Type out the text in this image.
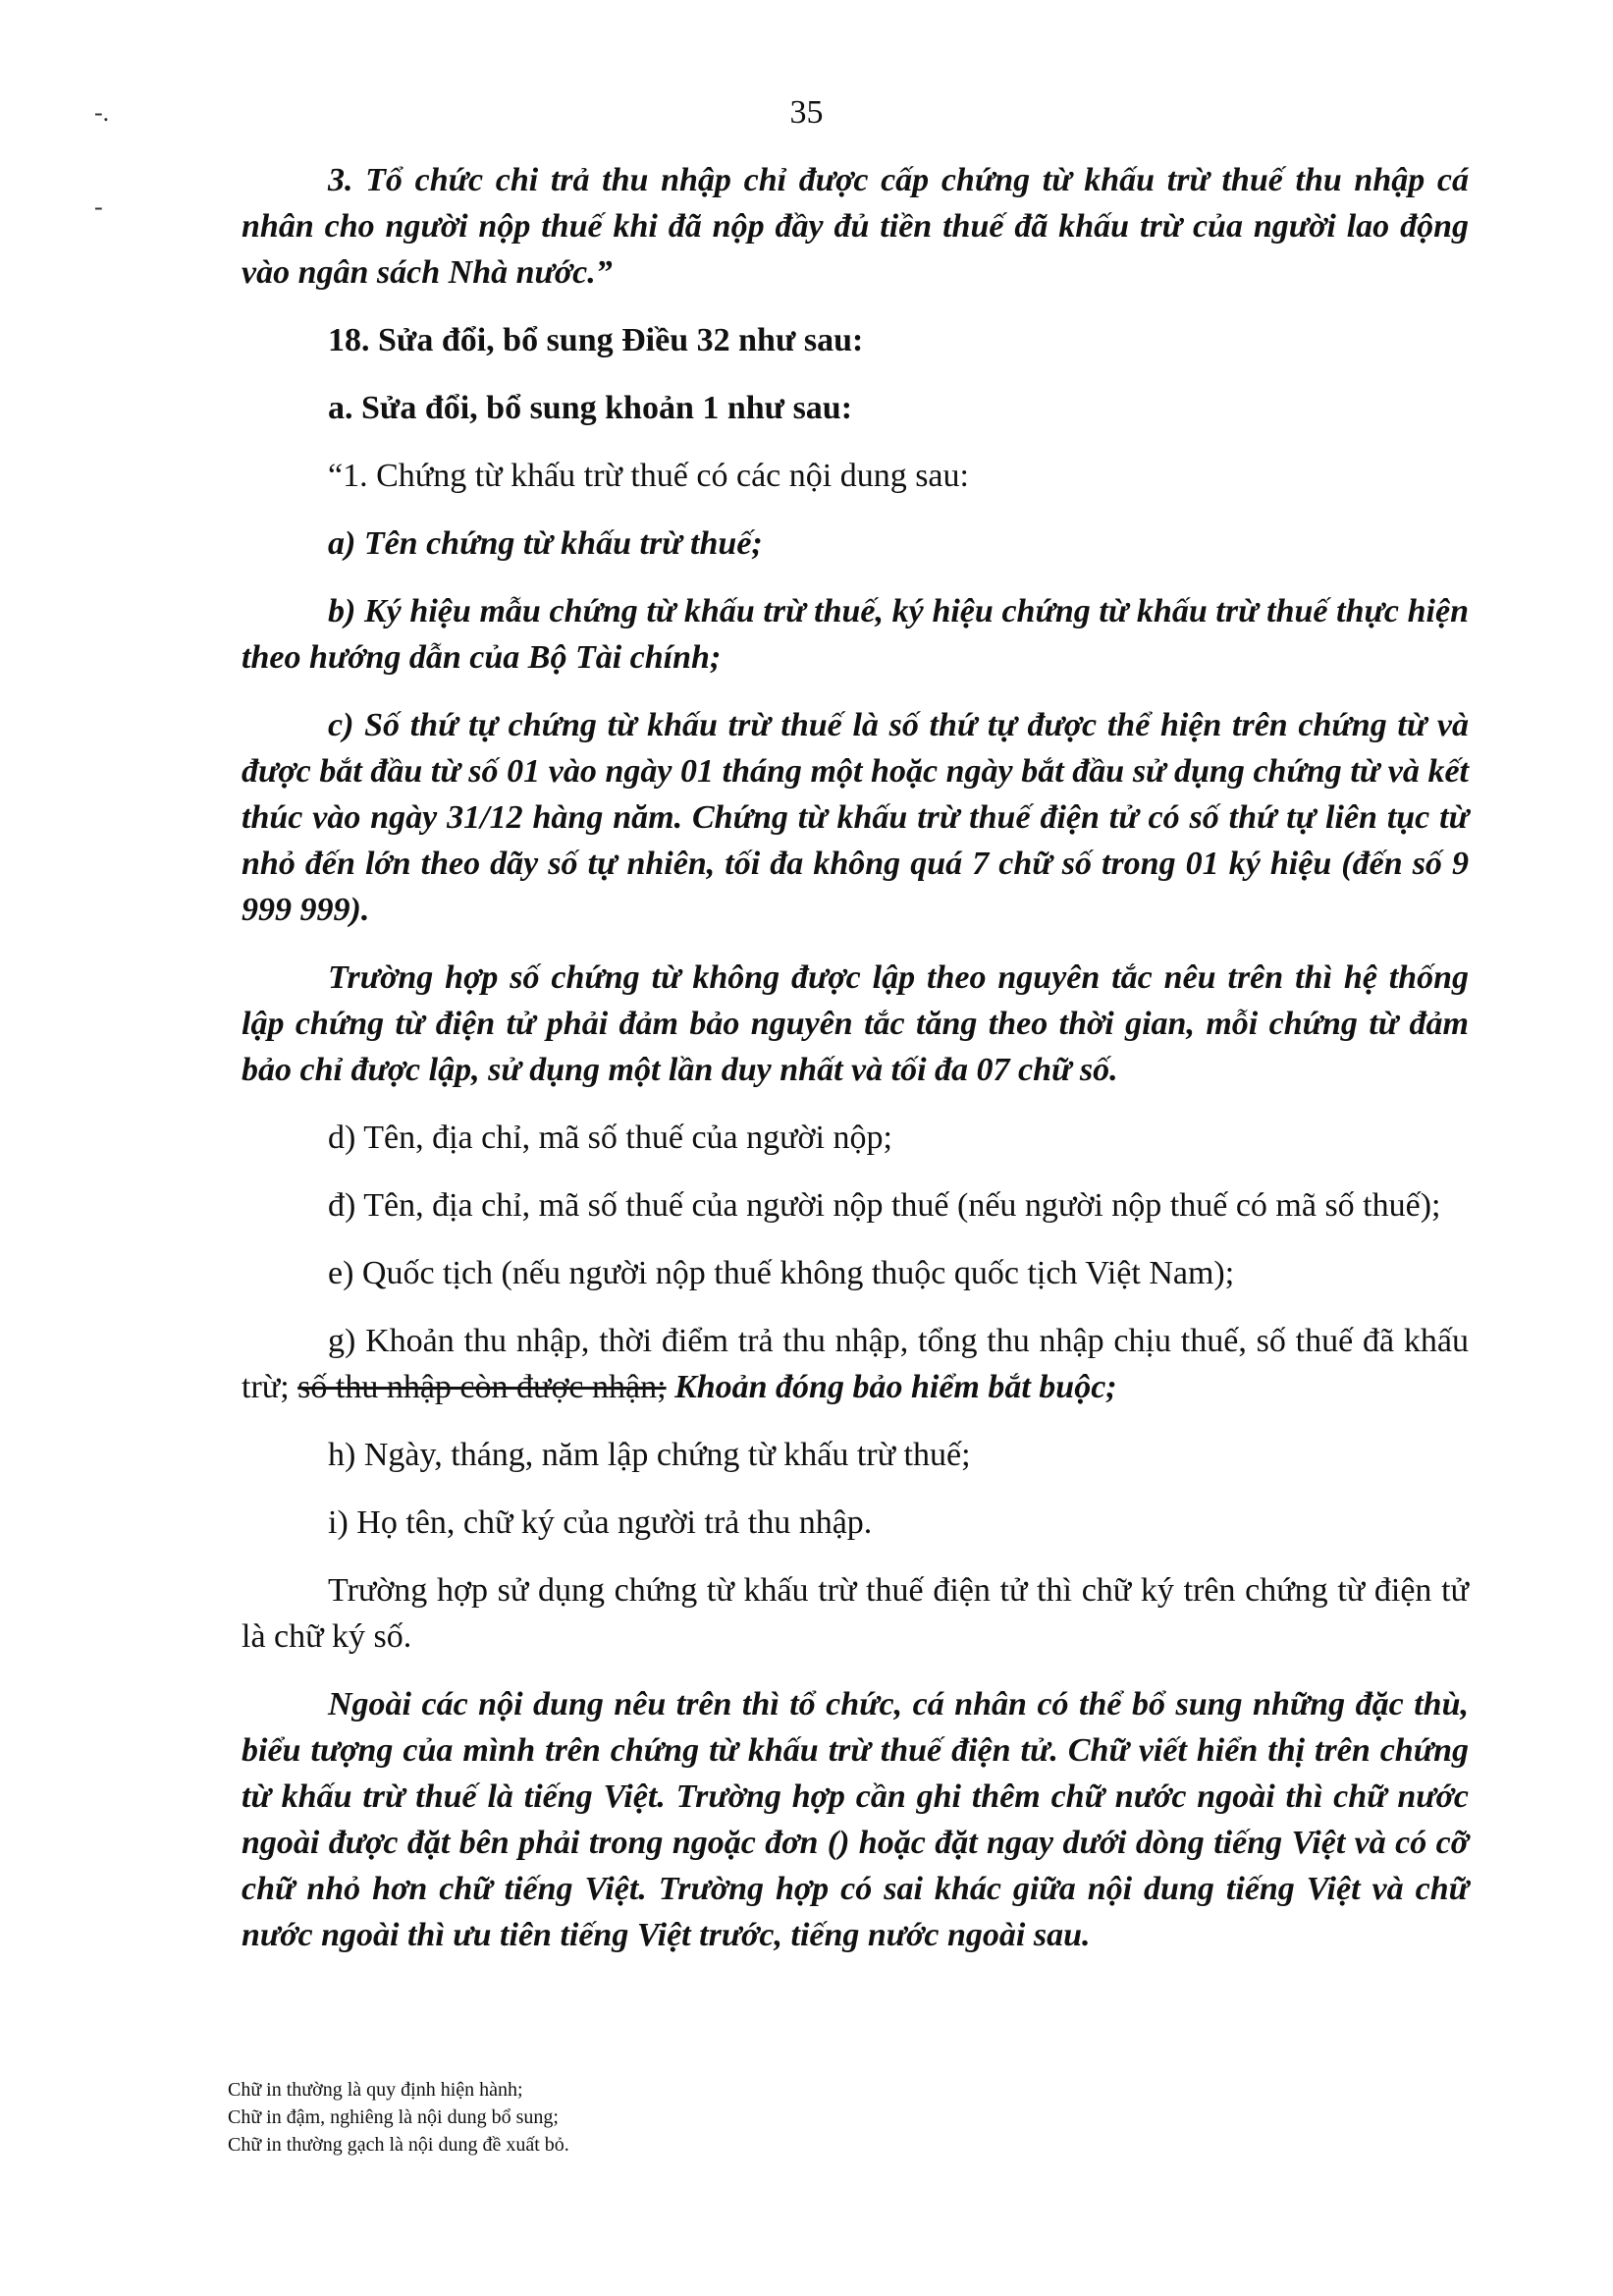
-.
-
35

3. Tổ chức chi trả thu nhập chỉ được cấp chứng từ khấu trừ thuế thu nhập cá nhân cho người nộp thuế khi đã nộp đầy đủ tiền thuế đã khấu trừ của người lao động vào ngân sách Nhà nước.”

18. Sửa đổi, bổ sung Điều 32 như sau:

a. Sửa đổi, bổ sung khoản 1 như sau:

“1. Chứng từ khấu trừ thuế có các nội dung sau:

a) Tên chứng từ khấu trừ thuế;

b) Ký hiệu mẫu chứng từ khấu trừ thuế, ký hiệu chứng từ khấu trừ thuế thực hiện theo hướng dẫn của Bộ Tài chính;

c) Số thứ tự chứng từ khấu trừ thuế là số thứ tự được thể hiện trên chứng từ và được bắt đầu từ số 01 vào ngày 01 tháng một hoặc ngày bắt đầu sử dụng chứng từ và kết thúc vào ngày 31/12 hàng năm. Chứng từ khấu trừ thuế điện tử có số thứ tự liên tục từ nhỏ đến lớn theo dãy số tự nhiên, tối đa không quá 7 chữ số trong 01 ký hiệu (đến số 9 999 999).

Trường hợp số chứng từ không được lập theo nguyên tắc nêu trên thì hệ thống lập chứng từ điện tử phải đảm bảo nguyên tắc tăng theo thời gian, mỗi chứng từ đảm bảo chỉ được lập, sử dụng một lần duy nhất và tối đa 07 chữ số.

d) Tên, địa chỉ, mã số thuế của người nộp;

đ) Tên, địa chỉ, mã số thuế của người nộp thuế (nếu người nộp thuế có mã số thuế);

e) Quốc tịch (nếu người nộp thuế không thuộc quốc tịch Việt Nam);

g) Khoản thu nhập, thời điểm trả thu nhập, tổng thu nhập chịu thuế, số thuế đã khấu trừ; số thu nhập còn được nhận; Khoản đóng bảo hiểm bắt buộc;

h) Ngày, tháng, năm lập chứng từ khấu trừ thuế;

i) Họ tên, chữ ký của người trả thu nhập.

Trường hợp sử dụng chứng từ khấu trừ thuế điện tử thì chữ ký trên chứng từ điện tử là chữ ký số.

Ngoài các nội dung nêu trên thì tổ chức, cá nhân có thể bổ sung những đặc thù, biểu tượng của mình trên chứng từ khấu trừ thuế điện tử. Chữ viết hiển thị trên chứng từ khấu trừ thuế là tiếng Việt. Trường hợp cần ghi thêm chữ nước ngoài thì chữ nước ngoài được đặt bên phải trong ngoặc đơn () hoặc đặt ngay dưới dòng tiếng Việt và có cỡ chữ nhỏ hơn chữ tiếng Việt. Trường hợp có sai khác giữa nội dung tiếng Việt và chữ nước ngoài thì ưu tiên tiếng Việt trước, tiếng nước ngoài sau.

Chữ in thường là quy định hiện hành;

Chữ in đậm, nghiêng là nội dung bổ sung;

Chữ in thường gạch là nội dung đề xuất bỏ.
